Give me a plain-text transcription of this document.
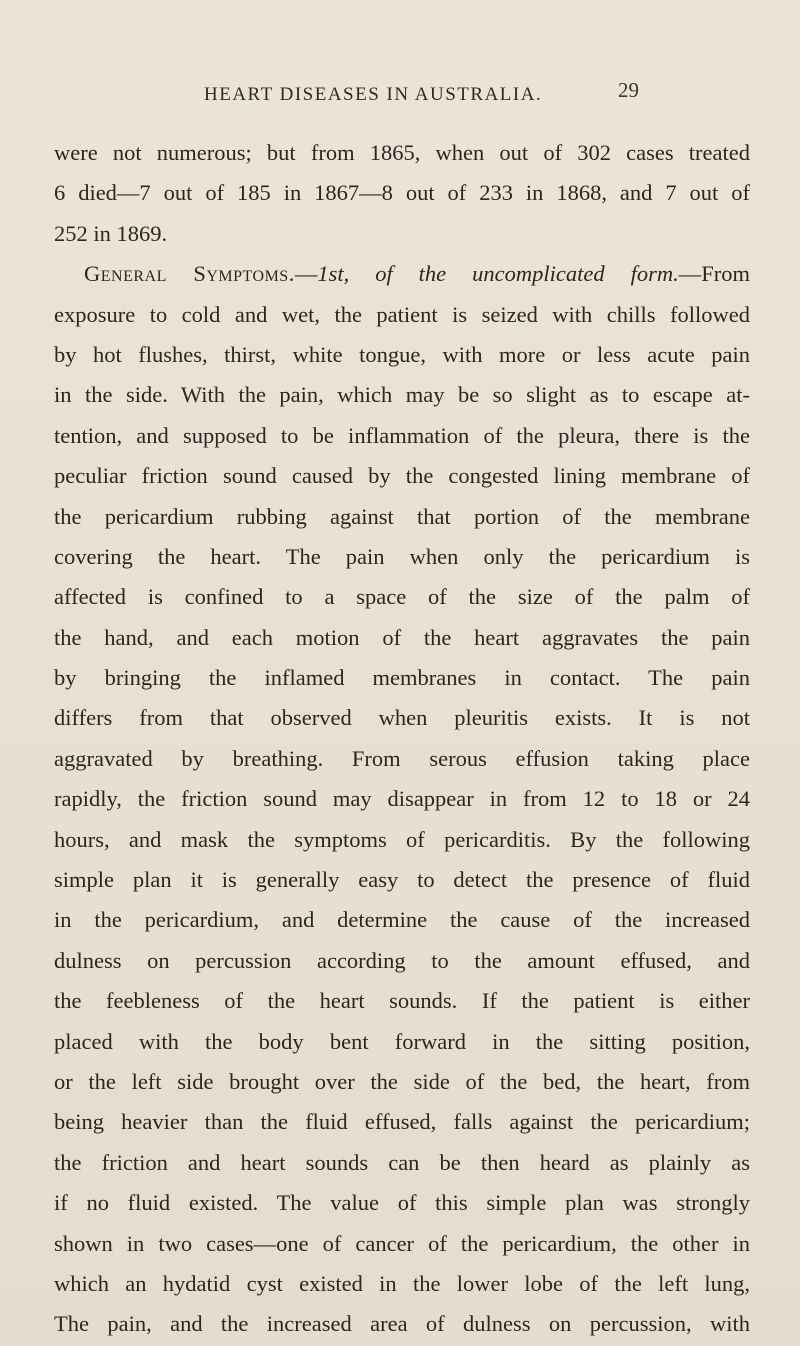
HEART DISEASES IN AUSTRALIA.	29
were not numerous; but from 1865, when out of 302 cases treated
6 died—7 out of 185 in 1867—8 out of 233 in 1868, and 7 out of
252 in 1869.
General Symptoms.—1st, of the uncomplicated form.—From
exposure to cold and wet, the patient is seized with chills followed
by hot flushes, thirst, white tongue, with more or less acute pain
in the side. With the pain, which may be so slight as to escape at-
tention, and supposed to be inflammation of the pleura, there is the
peculiar friction sound caused by the congested lining membrane of
the pericardium rubbing against that portion of the membrane
covering the heart. The pain when only the pericardium is
affected is confined to a space of the size of the palm of
the hand, and each motion of the heart aggravates the pain
by bringing the inflamed membranes in contact. The pain
differs from that observed when pleuritis exists. It is not
aggravated by breathing. From serous effusion taking place
rapidly, the friction sound may disappear in from 12 to 18 or 24
hours, and mask the symptoms of pericarditis. By the following
simple plan it is generally easy to detect the presence of fluid
in the pericardium, and determine the cause of the increased
dulness on percussion according to the amount effused, and
the feebleness of the heart sounds. If the patient is either
placed with the body bent forward in the sitting position,
or the left side brought over the side of the bed, the heart, from
being heavier than the fluid effused, falls against the pericardium;
the friction and heart sounds can be then heard as plainly as
if no fluid existed. The value of this simple plan was strongly
shown in two cases—one of cancer of the pericardium, the other in
which an hydatid cyst existed in the lower lobe of the left lung,
The pain, and the increased area of dulness on percussion, with
